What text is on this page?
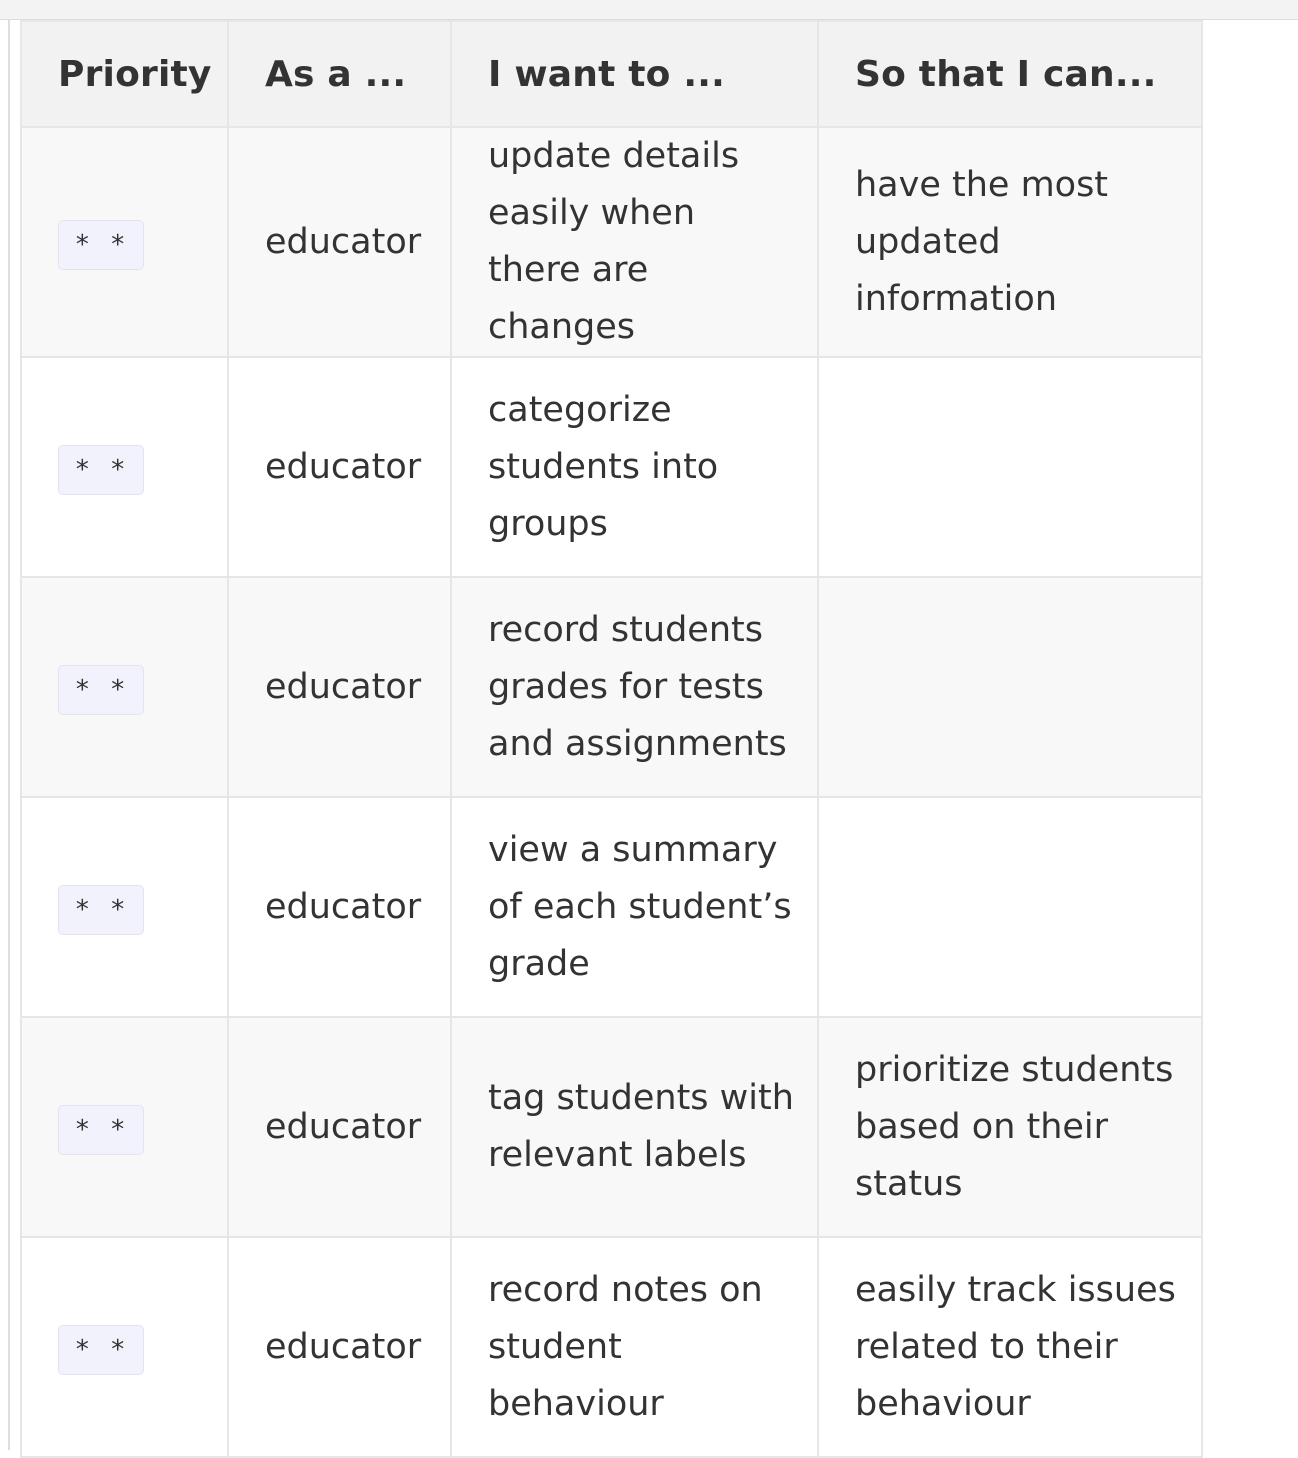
Priority	As a ...	I want to ...	So that I can...
* *	educator	update details easily when there are changes	have the most updated information
* *	educator	categorize students into groups	
* *	educator	record students grades for tests and assignments	
* *	educator	view a summary of each student’s grade	
* *	educator	tag students with relevant labels	prioritize students based on their status
* *	educator	record notes on student behaviour	easily track issues related to their behaviour
